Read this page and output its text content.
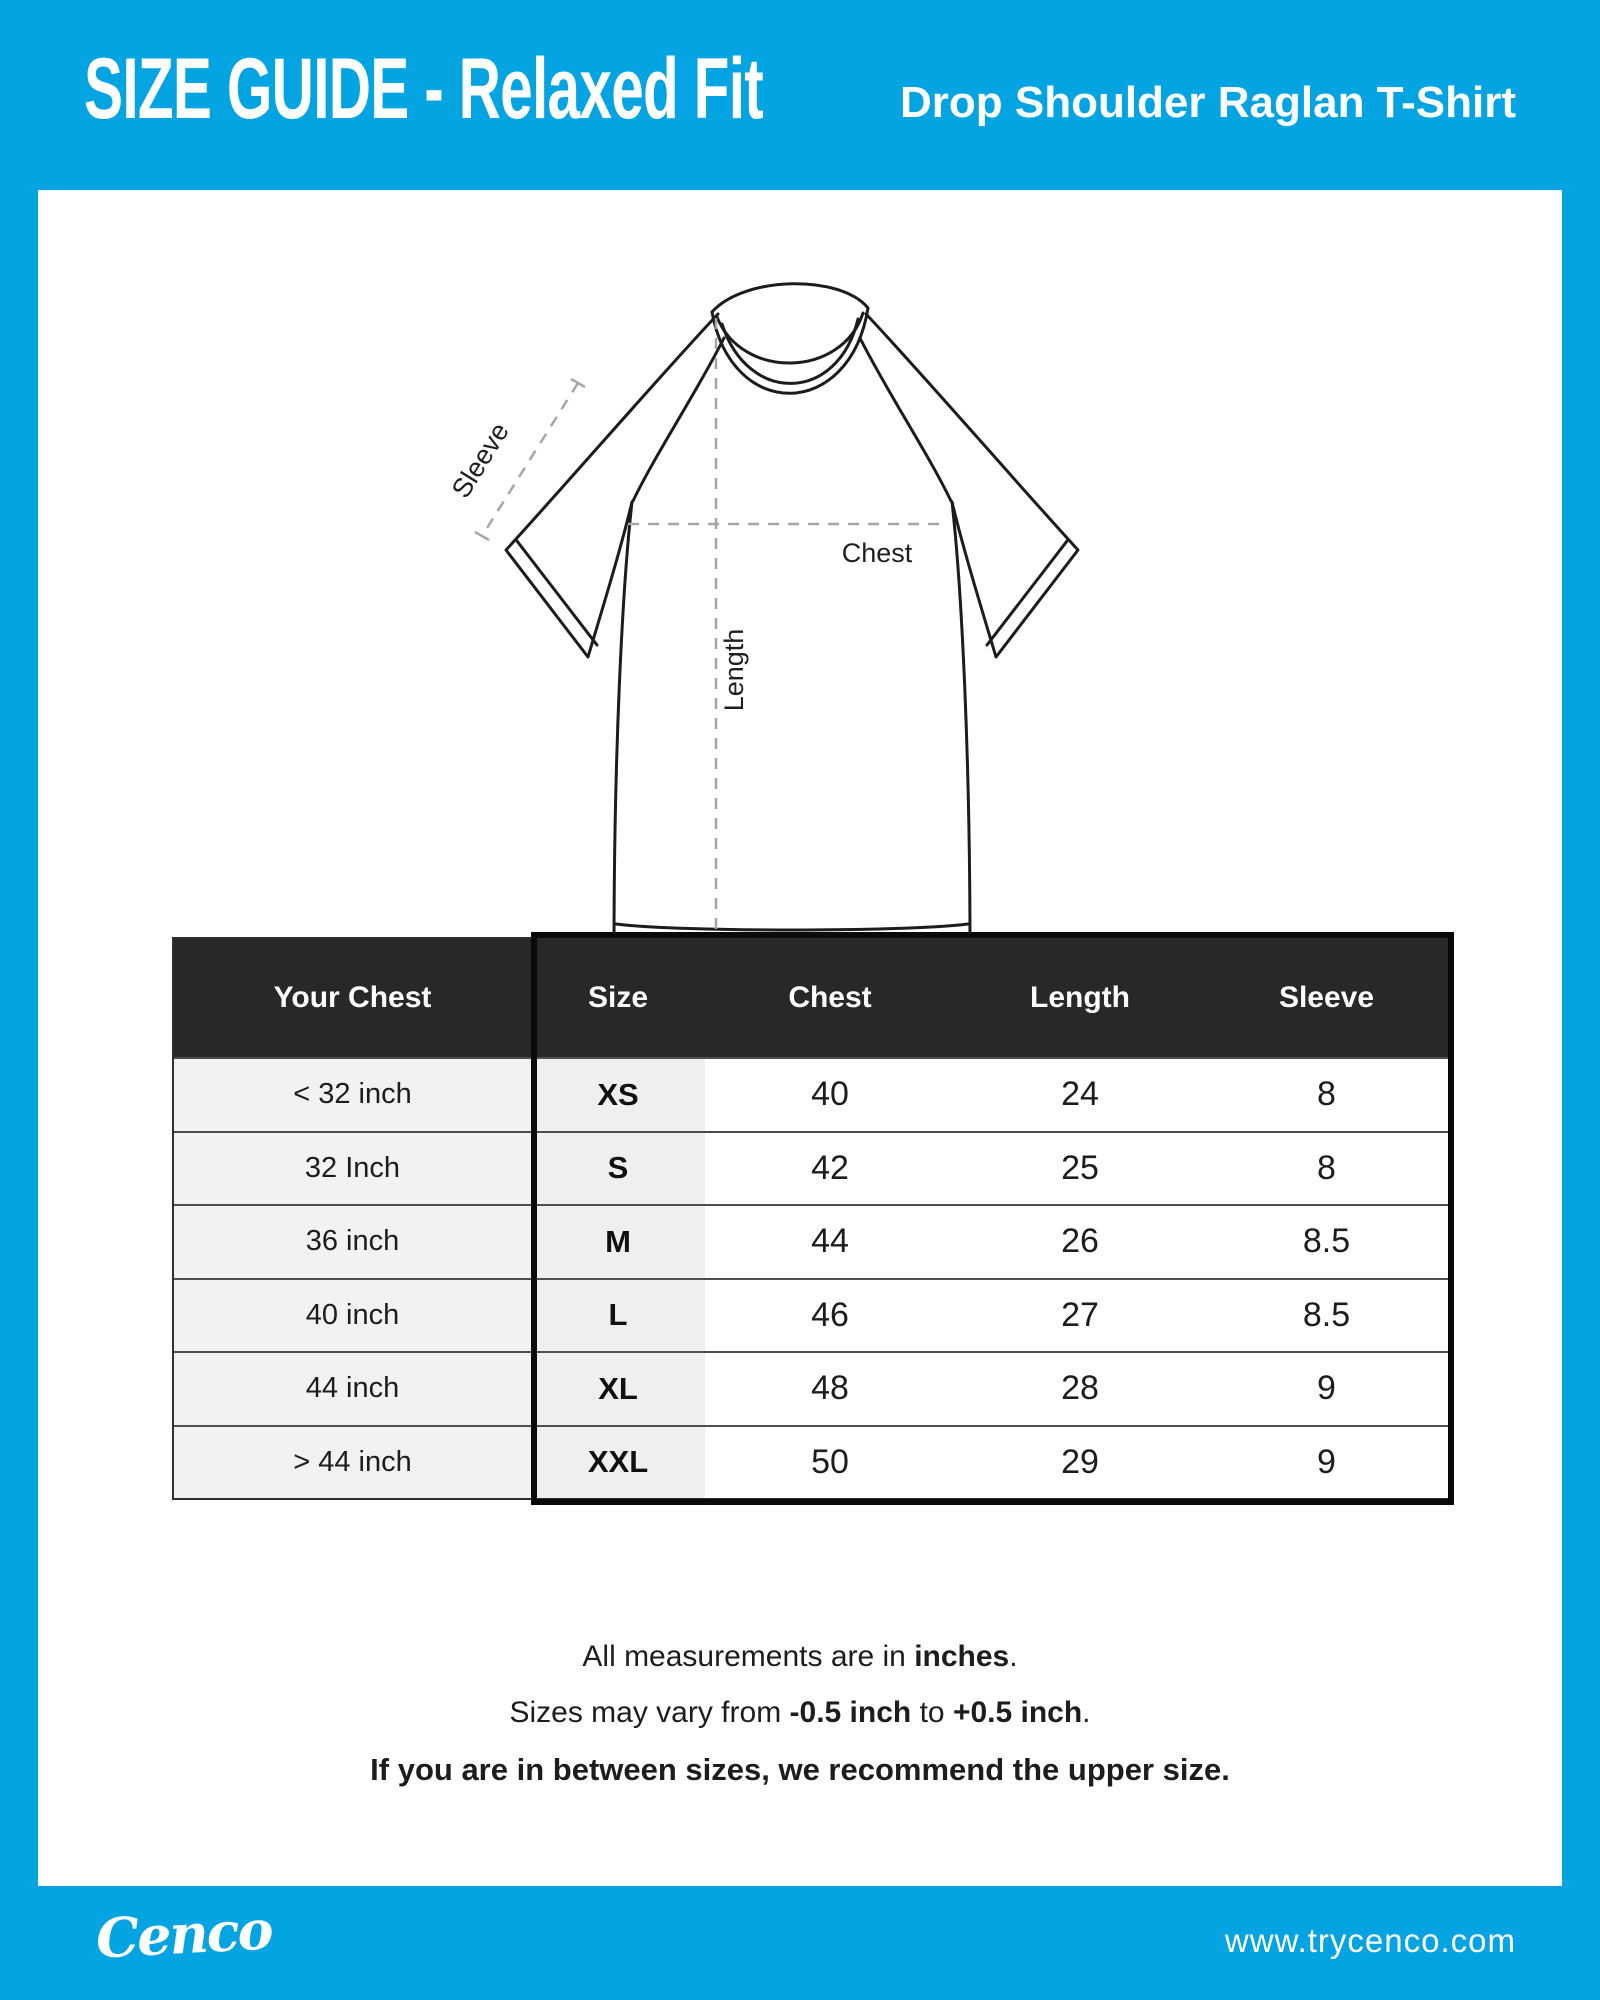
SIZE GUIDE - Relaxed Fit	Drop Shoulder Raglan T-Shirt
Chest
Length
Sleeve
Your Chest	Size	Chest	Length	Sleeve
< 32 inch	XS	40	24	8
32 Inch	S	42	25	8
36 inch	M	44	26	8.5
40 inch	L	46	27	8.5
44 inch	XL	48	28	9
> 44 inch	XXL	50	29	9

All measurements are in inches.

Sizes may vary from -0.5 inch to +0.5 inch.

If you are in between sizes, we recommend the upper size.

Cenco	www.trycenco.com
